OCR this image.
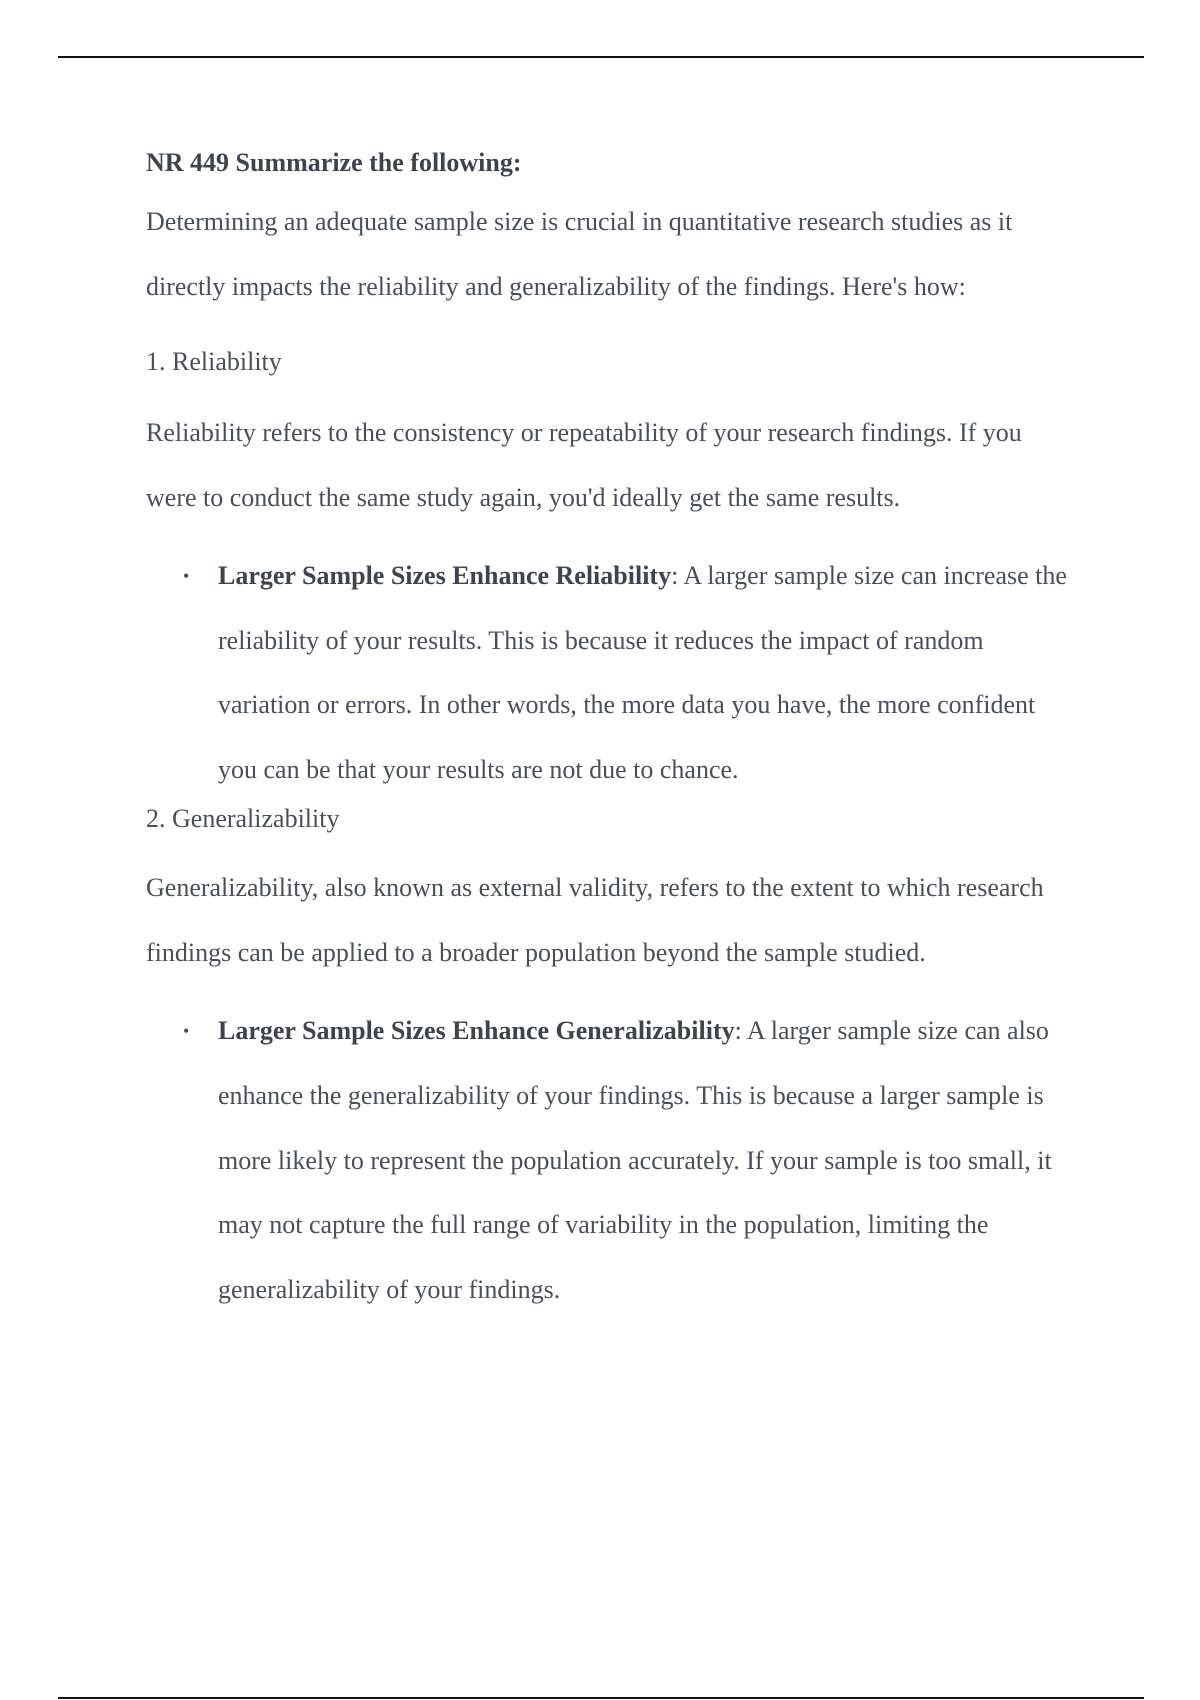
NR 449 Summarize the following:

Determining an adequate sample size is crucial in quantitative research studies as it directly impacts the reliability and generalizability of the findings. Here's how:

1. Reliability

Reliability refers to the consistency or repeatability of your research findings. If you were to conduct the same study again, you'd ideally get the same results.

• Larger Sample Sizes Enhance Reliability: A larger sample size can increase the reliability of your results. This is because it reduces the impact of random variation or errors. In other words, the more data you have, the more confident you can be that your results are not due to chance.

2. Generalizability

Generalizability, also known as external validity, refers to the extent to which research findings can be applied to a broader population beyond the sample studied.

• Larger Sample Sizes Enhance Generalizability: A larger sample size can also enhance the generalizability of your findings. This is because a larger sample is more likely to represent the population accurately. If your sample is too small, it may not capture the full range of variability in the population, limiting the generalizability of your findings.
